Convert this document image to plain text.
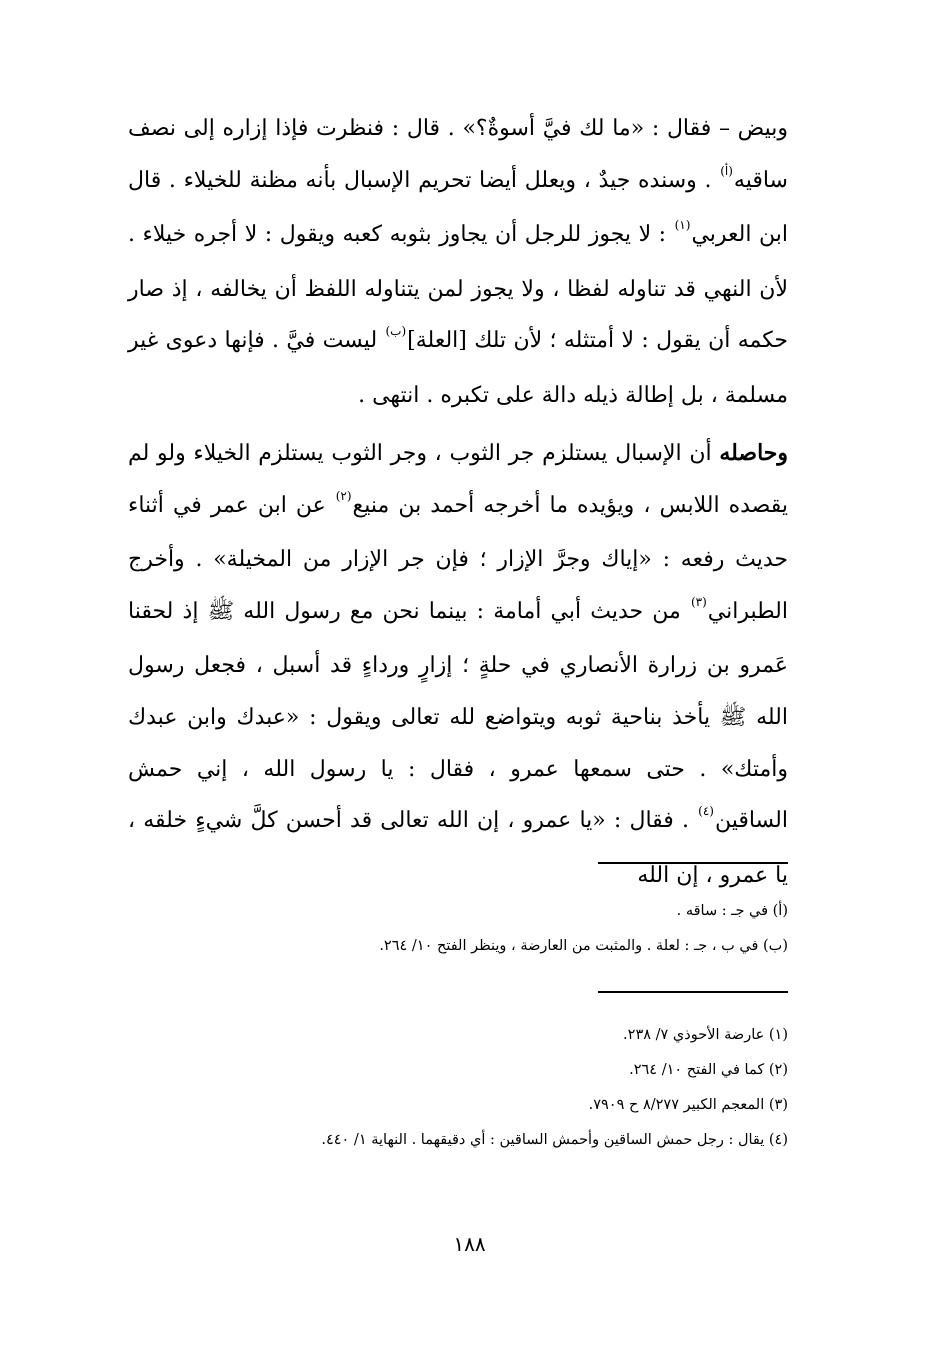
وبيض – فقال : «ما لك فيَّ أسوةٌ؟» . قال : فنظرت فإذا إزاره إلى نصف ساقيه$^{(أ)}$ . وسنده جيدٌ ، ويعلل أيضا تحريم الإسبال بأنه مظنة للخيلاء . قال ابن العربي$^{(١)}$ : لا يجوز للرجل أن يجاوز بثوبه كعبه ويقول : لا أجره خيلاء . لأن النهي قد تناوله لفظا ، ولا يجوز لمن يتناوله اللفظ أن يخالفه ، إذ صار حكمه أن يقول : لا أمتثله ؛ لأن تلك [العلة]$^{(ب)}$ ليست فيَّ . فإنها دعوى غير مسلمة ، بل إطالة ذيله دالة على تكبره . انتهى .

وحاصله أن الإسبال يستلزم جر الثوب ، وجر الثوب يستلزم الخيلاء ولو لم يقصده اللابس ، ويؤيده ما أخرجه أحمد بن منيع$^{(٢)}$ عن ابن عمر في أثناء حديث رفعه : «إياك وجرَّ الإزار ؛ فإن جر الإزار من المخيلة» . وأخرج الطبراني$^{(٣)}$ من حديث أبي أمامة : بينما نحن مع رسول الله ﷺ إذ لحقنا عَمرو بن زرارة الأنصاري في حلةٍ ؛ إزارٍ ورداءٍ قد أسبل ، فجعل رسول الله ﷺ يأخذ بناحية ثوبه ويتواضع لله تعالى ويقول : «عبدك وابن عبدك وأمتك» . حتى سمعها عمرو ، فقال : يا رسول الله ، إني حمش الساقين$^{(٤)}$ . فقال : «يا عمرو ، إن الله تعالى قد أحسن كلَّ شيءٍ خلقه ، يا عمرو ، إن الله

(أ) في جـ : ساقه .
(ب) في ب ، جـ : لعلة . والمثبت من العارضة ، وينظر الفتح ١٠/ ٢٦٤.
(١) عارضة الأحوذي ٧/ ٢٣٨.
(٢) كما في الفتح ١٠/ ٢٦٤.
(٣) المعجم الكبير ٨/٢٧٧ ح ٧٩٠٩.
(٤) يقال : رجل حمش الساقين وأحمش الساقين : أي دقيقهما . النهاية ١/ ٤٤٠.
١٨٨
